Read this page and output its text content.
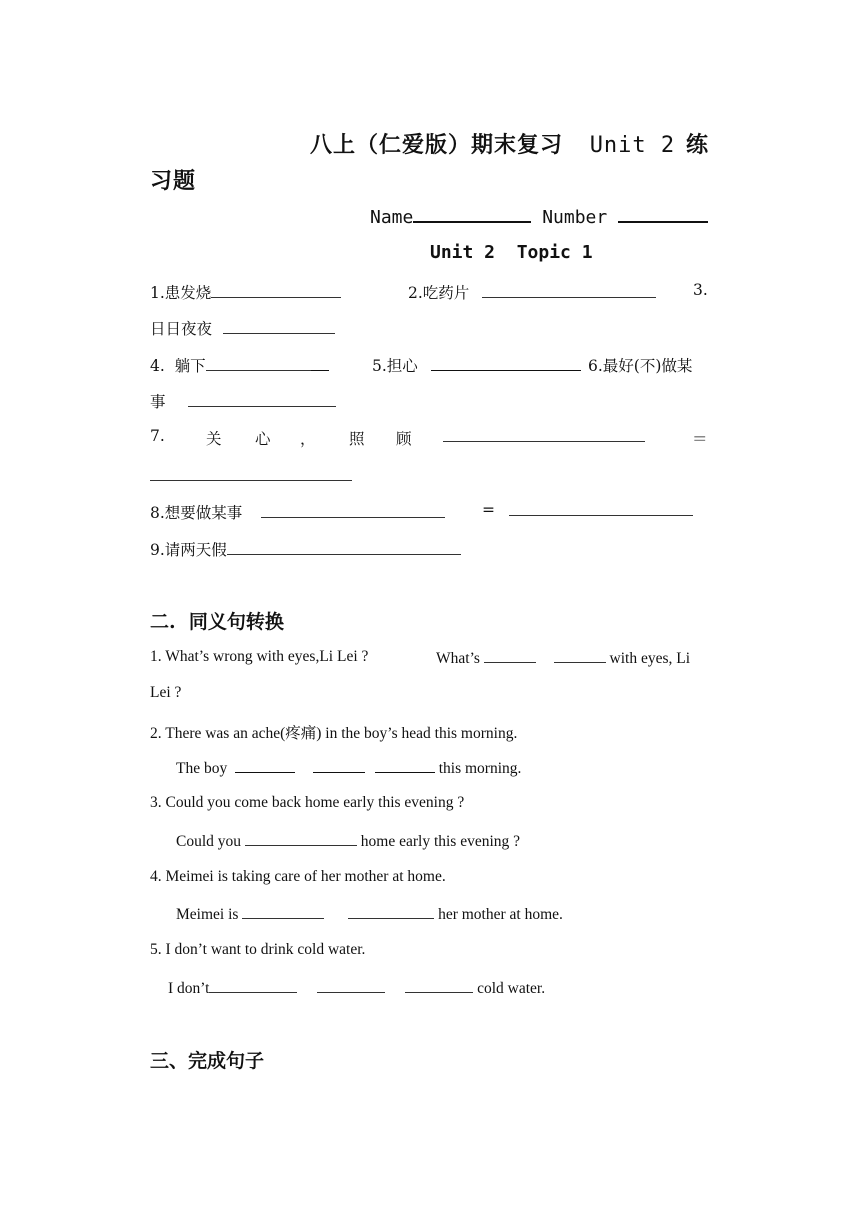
八上（仁爱版）期末复习 Unit 2 练
习题
Name	Number
Unit 2  Topic 1
1.患发烧	2.吃药片	3.
日日夜夜
4.  躺下	5.担心	6.最好(不)做某
事
7.	关 心 ， 照 顾	＝
8.想要做某事	=
9.请两天假
二.  同义句转换
1. What’s wrong with eyes,Li Lei ?	What’s	with eyes, Li
Lei ?
2. There was an ache(疼痛) in the boy’s head this morning.
The boy	this morning.
3. Could you come back home early this evening ?
Could you	home early this evening ?
4. Meimei is taking care of her mother at home.
Meimei is	her mother at home.
5. I don’t want to drink cold water.
I don’t	cold water.
三、完成句子
